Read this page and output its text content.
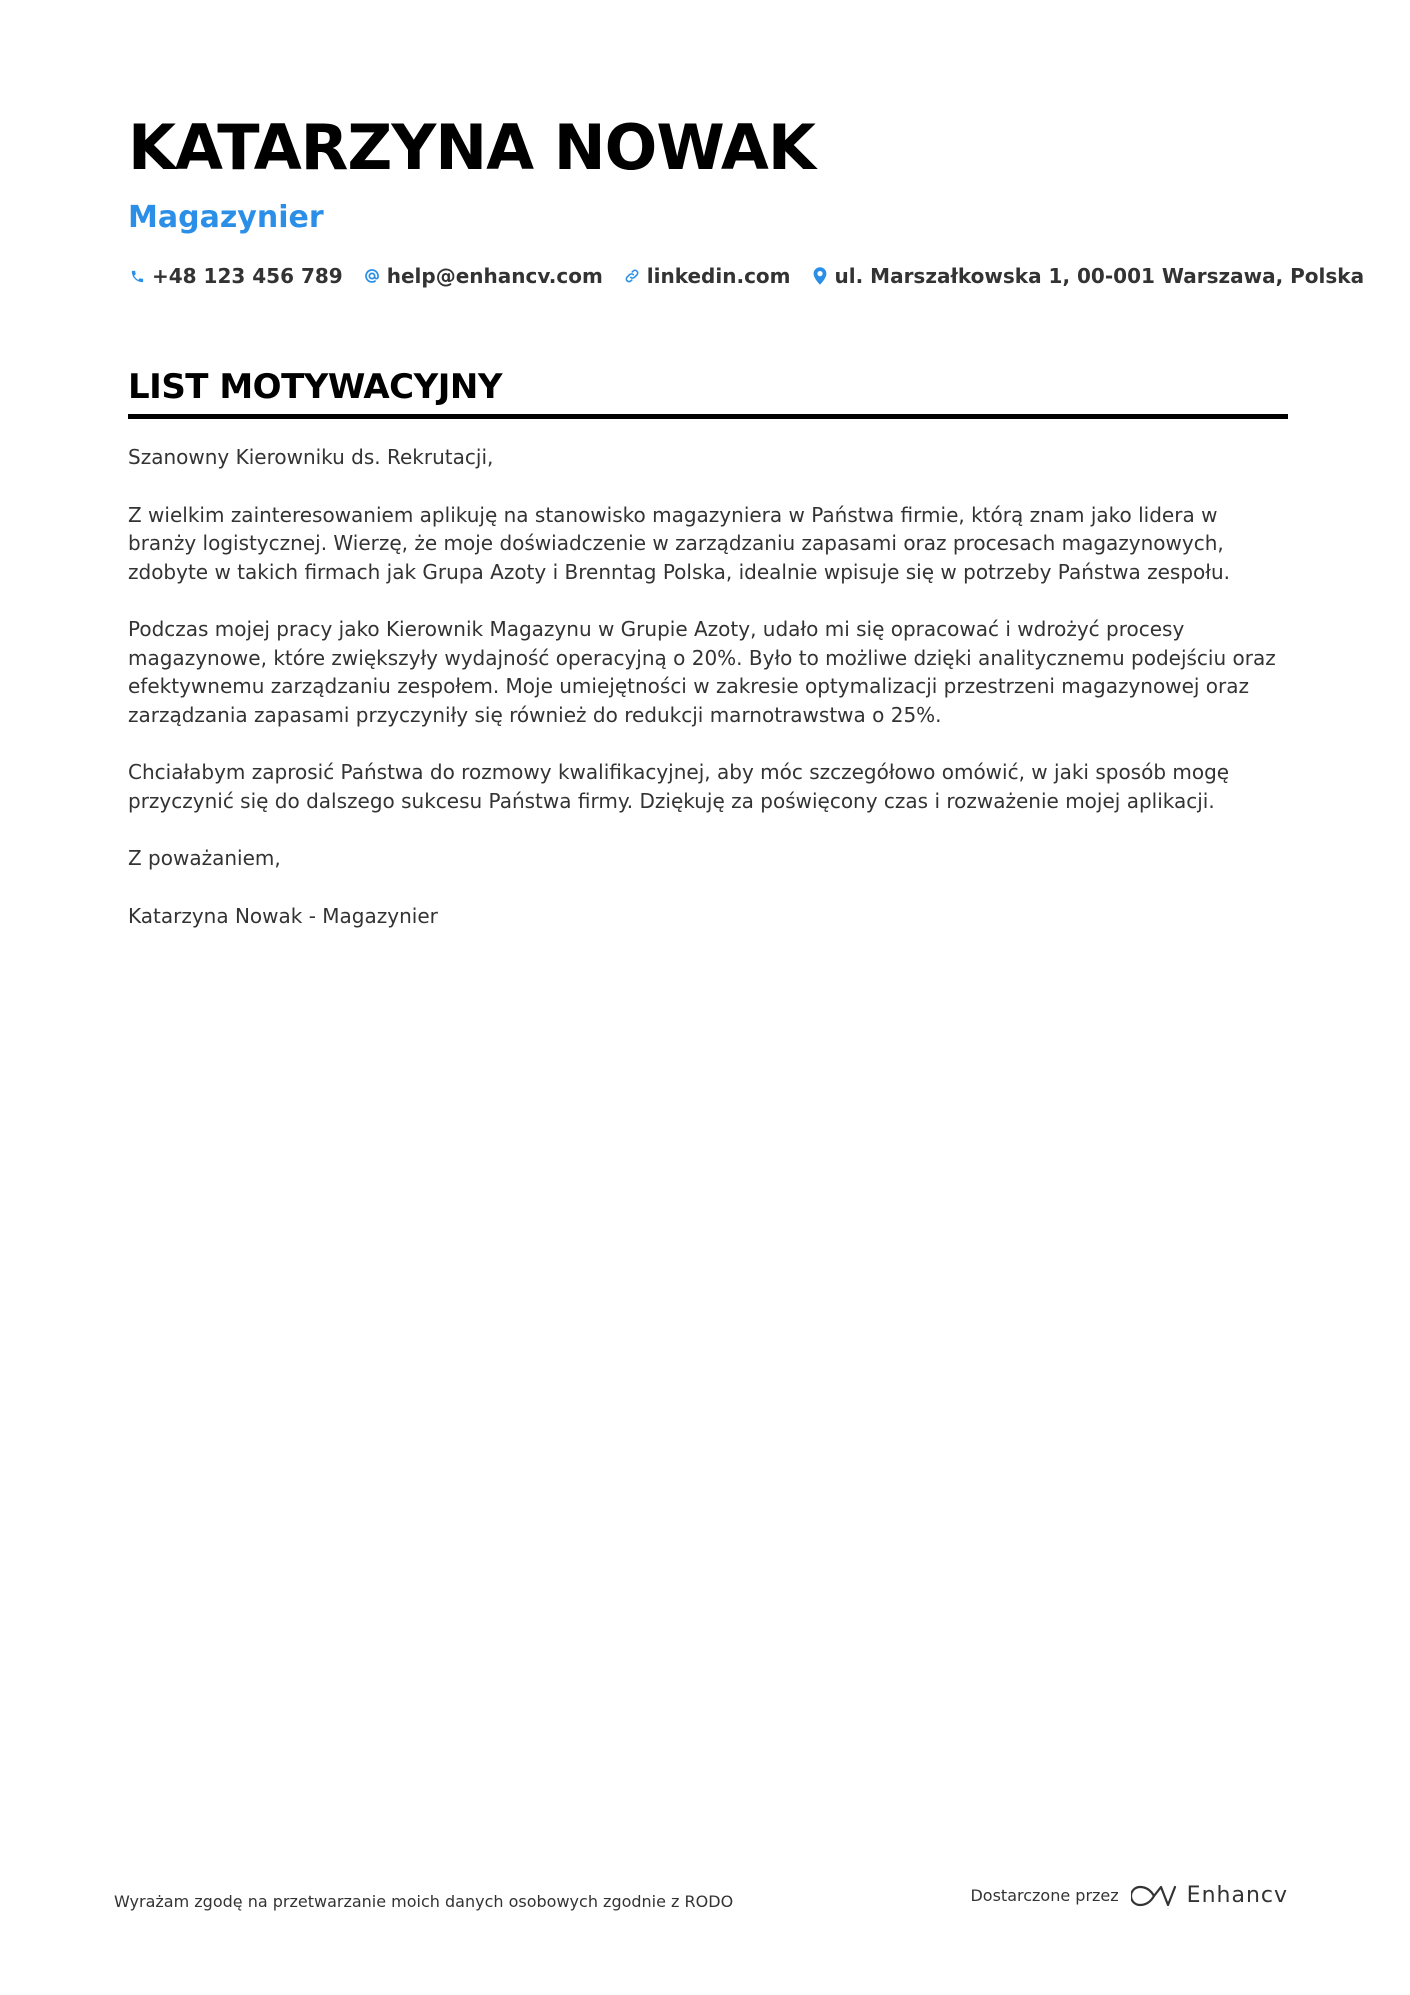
KATARZYNA NOWAK
Magazynier
+48 123 456 789 help@enhancv.com linkedin.com ul. Marszałkowska 1, 00-001 Warszawa, Polska
LIST MOTYWACYJNY

Szanowny Kierowniku ds. Rekrutacji,

Z wielkim zainteresowaniem aplikuję na stanowisko magazyniera w Państwa firmie, którą znam jako lidera w branży logistycznej. Wierzę, że moje doświadczenie w zarządzaniu zapasami oraz procesach magazynowych, zdobyte w takich firmach jak Grupa Azoty i Brenntag Polska, idealnie wpisuje się w potrzeby Państwa zespołu.

Podczas mojej pracy jako Kierownik Magazynu w Grupie Azoty, udało mi się opracować i wdrożyć procesy magazynowe, które zwiększyły wydajność operacyjną o 20%. Było to możliwe dzięki analitycznemu podejściu oraz efektywnemu zarządzaniu zespołem. Moje umiejętności w zakresie optymalizacji przestrzeni magazynowej oraz zarządzania zapasami przyczyniły się również do redukcji marnotrawstwa o 25%.

Chciałabym zaprosić Państwa do rozmowy kwalifikacyjnej, aby móc szczegółowo omówić, w jaki sposób mogę przyczynić się do dalszego sukcesu Państwa firmy. Dziękuję za poświęcony czas i rozważenie mojej aplikacji.

Z poważaniem,

Katarzyna Nowak - Magazynier

Wyrażam zgodę na przetwarzanie moich danych osobowych zgodnie z RODO	Dostarczone przez	Enhancv
